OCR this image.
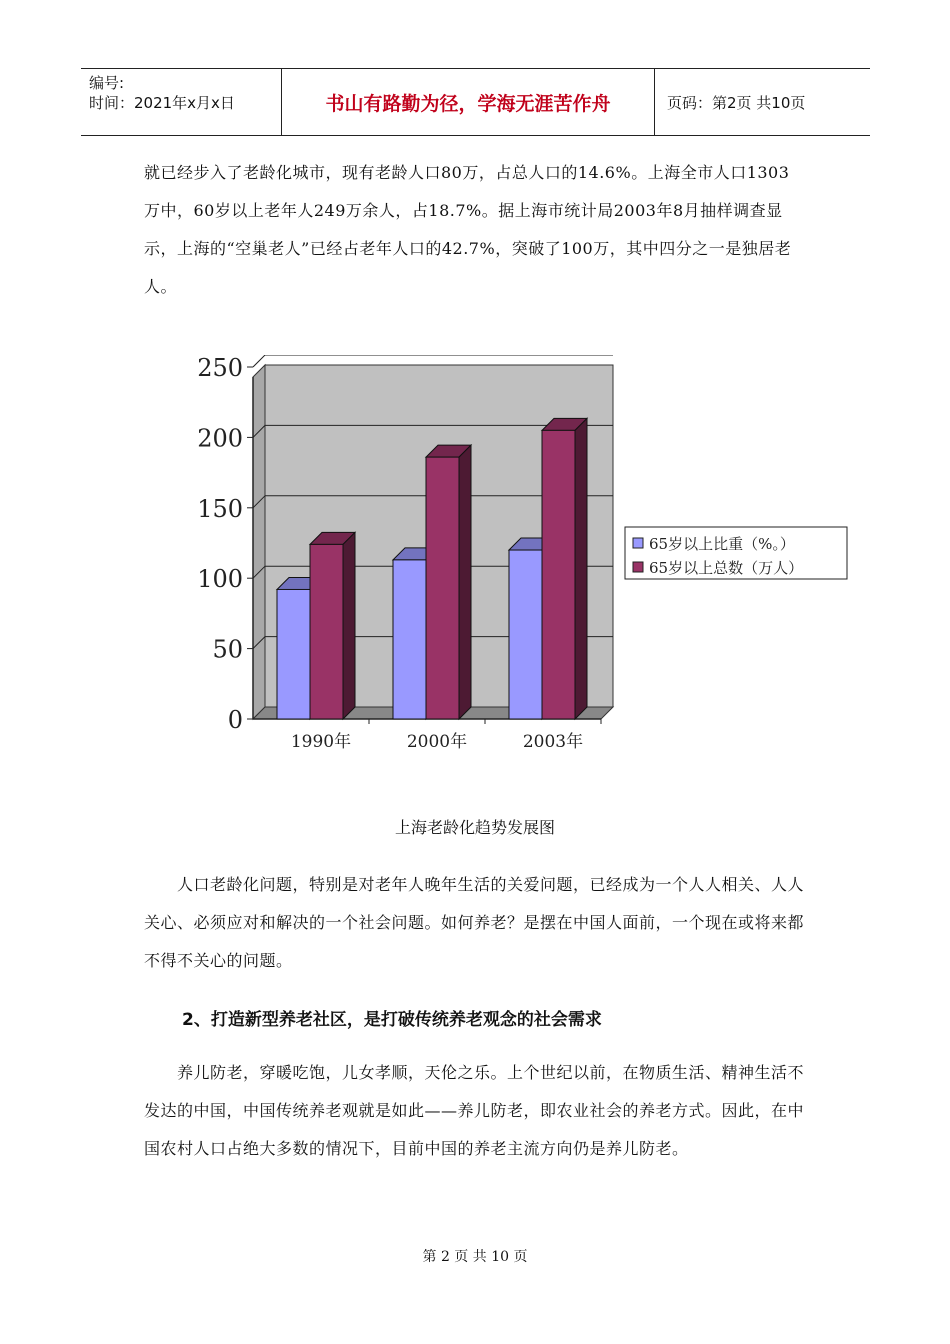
编号:
时间：2021年x月x日	书山有路勤为径，学海无涯苦作舟	页码：第2页 共10页

就已经步入了老龄化城市，现有老龄人口80万，占总人口的14.6%。上海全市人口1303万中，60岁以上老年人249万余人，占18.7%。据上海市统计局2003年8月抽样调查显示，上海的“空巢老人”已经占老年人口的42.7%，突破了100万，其中四分之一是独居老人。

0
50
100
150
200
250
1990年	2000年	2003年
65岁以上比重（%。）
65岁以上总数（万人）
上海老龄化趋势发展图

　　人口老龄化问题，特别是对老年人晚年生活的关爱问题，已经成为一个人人相关、人人关心、必须应对和解决的一个社会问题。如何养老？是摆在中国人面前，一个现在或将来都不得不关心的问题。

2、打造新型养老社区，是打破传统养老观念的社会需求

　　养儿防老，穿暖吃饱，儿女孝顺，天伦之乐。上个世纪以前，在物质生活、精神生活不发达的中国，中国传统养老观就是如此——养儿防老，即农业社会的养老方式。因此，在中国农村人口占绝大多数的情况下，目前中国的养老主流方向仍是养儿防老。

第 2 页 共 10 页
